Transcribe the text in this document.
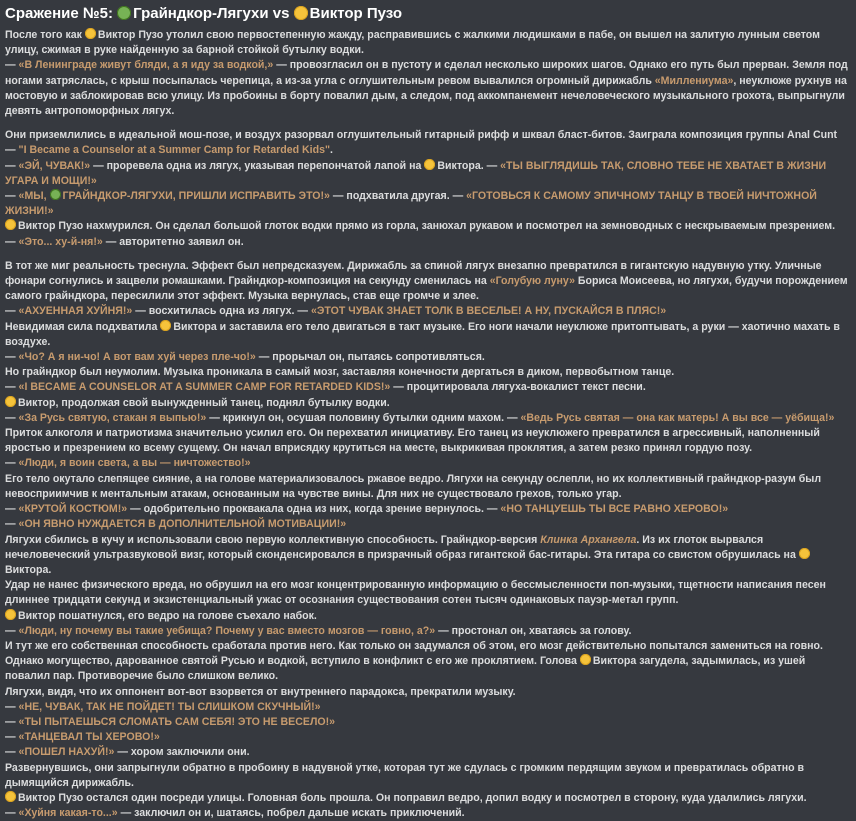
Сражение №5: Грайндкор-Лягухи vs Виктор Пузо
После того как Виктор Пузо утолил свою первостепенную жажду, расправившись с жалкими людишками в пабе, он вышел на залитую лунным светом улицу, сжимая в руке найденную за барной стойкой бутылку водки.
— «В Ленинграде живут бляди, а я иду за водкой,» — провозгласил он в пустоту и сделал несколько широких шагов. Однако его путь был прерван. Земля под ногами затряслась, с крыш посыпалась черепица, а из-за угла с оглушительным ревом вывалился огромный дирижабль «Миллениума», неуклюже рухнув на мостовую и заблокировав всю улицу. Из пробоины в борту повалил дым, а следом, под аккомпанемент нечеловеческого музыкального грохота, выпрыгнули девять антропоморфных лягух.
Они приземлились в идеальной мош-позе, и воздух разорвал оглушительный гитарный рифф и шквал бласт-битов. Заиграла композиция группы Anal Cunt — "I Became a Counselor at a Summer Camp for Retarded Kids".
— «ЭЙ, ЧУВАК!» — проревела одна из лягух, указывая перепончатой лапой на Виктора. — «ТЫ ВЫГЛЯДИШЬ ТАК, СЛОВНО ТЕБЕ НЕ ХВАТАЕТ В ЖИЗНИ УГАРА И МОЩИ!»
— «МЫ, ГРАЙНДКОР-ЛЯГУХИ, ПРИШЛИ ИСПРАВИТЬ ЭТО!» — подхватила другая. — «ГОТОВЬСЯ К САМОМУ ЭПИЧНОМУ ТАНЦУ В ТВОЕЙ НИЧТОЖНОЙ ЖИЗНИ!»
Виктор Пузо нахмурился. Он сделал большой глоток водки прямо из горла, занюхал рукавом и посмотрел на земноводных с нескрываемым презрением.
— «Это... ху-й-ня!» — авторитетно заявил он.
В тот же миг реальность треснула. Эффект был непредсказуем. Дирижабль за спиной лягух внезапно превратился в гигантскую надувную утку. Уличные фонари согнулись и зацвели ромашками. Грайндкор-композиция на секунду сменилась на «Голубую луну» Бориса Моисеева, но лягухи, будучи порождением самого грайндкора, пересилили этот эффект. Музыка вернулась, став еще громче и злее.
— «АХУЕННАЯ ХУЙНЯ!» — восхитилась одна из лягух. — «ЭТОТ ЧУВАК ЗНАЕТ ТОЛК В ВЕСЕЛЬЕ! А НУ, ПУСКАЙСЯ В ПЛЯС!»
Невидимая сила подхватила Виктора и заставила его тело двигаться в такт музыке. Его ноги начали неуклюже притоптывать, а руки — хаотично махать в воздухе.
— «Чо? А я ни-чо! А вот вам хуй через пле-чо!» — прорычал он, пытаясь сопротивляться.
Но грайндкор был неумолим. Музыка проникала в самый мозг, заставляя конечности дергаться в диком, первобытном танце.
— «I BECAME A COUNSELOR AT A SUMMER CAMP FOR RETARDED KIDS!» — процитировала лягуха-вокалист текст песни.
Виктор, продолжая свой вынужденный танец, поднял бутылку водки.
— «За Русь святую, стакан я выпью!» — крикнул он, осушая половину бутылки одним махом. — «Ведь Русь святая — она как матерь! А вы все — уёбища!»
Приток алкоголя и патриотизма значительно усилил его. Он перехватил инициативу. Его танец из неуклюжего превратился в агрессивный, наполненный яростью и презрением ко всему сущему. Он начал вприсядку крутиться на месте, выкрикивая проклятия, а затем резко принял гордую позу.
— «Люди, я воин света, а вы — ничтожество!»
Его тело окутало слепящее сияние, а на голове материализовалось ржавое ведро. Лягухи на секунду ослепли, но их коллективный грайндкор-разум был невосприимчив к ментальным атакам, основанным на чувстве вины. Для них не существовало грехов, только угар.
— «КРУТОЙ КОСТЮМ!» — одобрительно проквакала одна из них, когда зрение вернулось. — «НО ТАНЦУЕШЬ ТЫ ВСЕ РАВНО ХЕРОВО!»
— «ОН ЯВНО НУЖДАЕТСЯ В ДОПОЛНИТЕЛЬНОЙ МОТИВАЦИИ!»
Лягухи сбились в кучу и использовали свою первую коллективную способность. Грайндкор-версия Клинка Архангела. Из их глоток вырвался нечеловеческий ультразвуковой визг, который сконденсировался в призрачный образ гигантской бас-гитары. Эта гитара со свистом обрушилась на Виктора.
Удар не нанес физического вреда, но обрушил на его мозг концентрированную информацию о бессмысленности поп-музыки, тщетности написания песен длиннее тридцати секунд и экзистенциальный ужас от осознания существования сотен тысяч одинаковых пауэр-метал групп.
Виктор пошатнулся, его ведро на голове съехало набок.
— «Люди, ну почему вы такие уебища? Почему у вас вместо мозгов — говно, а?» — простонал он, хватаясь за голову.
И тут же его собственная способность сработала против него. Как только он задумался об этом, его мозг действительно попытался замениться на говно. Однако могущество, дарованное святой Русью и водкой, вступило в конфликт с его же проклятием. Голова Виктора загудела, задымилась, из ушей повалил пар. Противоречие было слишком велико.
Лягухи, видя, что их оппонент вот-вот взорвется от внутреннего парадокса, прекратили музыку.
— «НЕ, ЧУВАК, ТАК НЕ ПОЙДЕТ! ТЫ СЛИШКОМ СКУЧНЫЙ!»
— «ТЫ ПЫТАЕШЬСЯ СЛОМАТЬ САМ СЕБЯ! ЭТО НЕ ВЕСЕЛО!»
— «ТАНЦЕВАЛ ТЫ ХЕРОВО!»
— «ПОШЕЛ НАХУЙ!» — хором заключили они.
Развернувшись, они запрыгнули обратно в пробоину в надувной утке, которая тут же сдулась с громким пердящим звуком и превратилась обратно в дымящийся дирижабль.
Виктор Пузо остался один посреди улицы. Головная боль прошла. Он поправил ведро, допил водку и посмотрел в сторону, куда удалились лягухи.
— «Хуйня какая-то...» — заключил он и, шатаясь, побрел дальше искать приключений.
